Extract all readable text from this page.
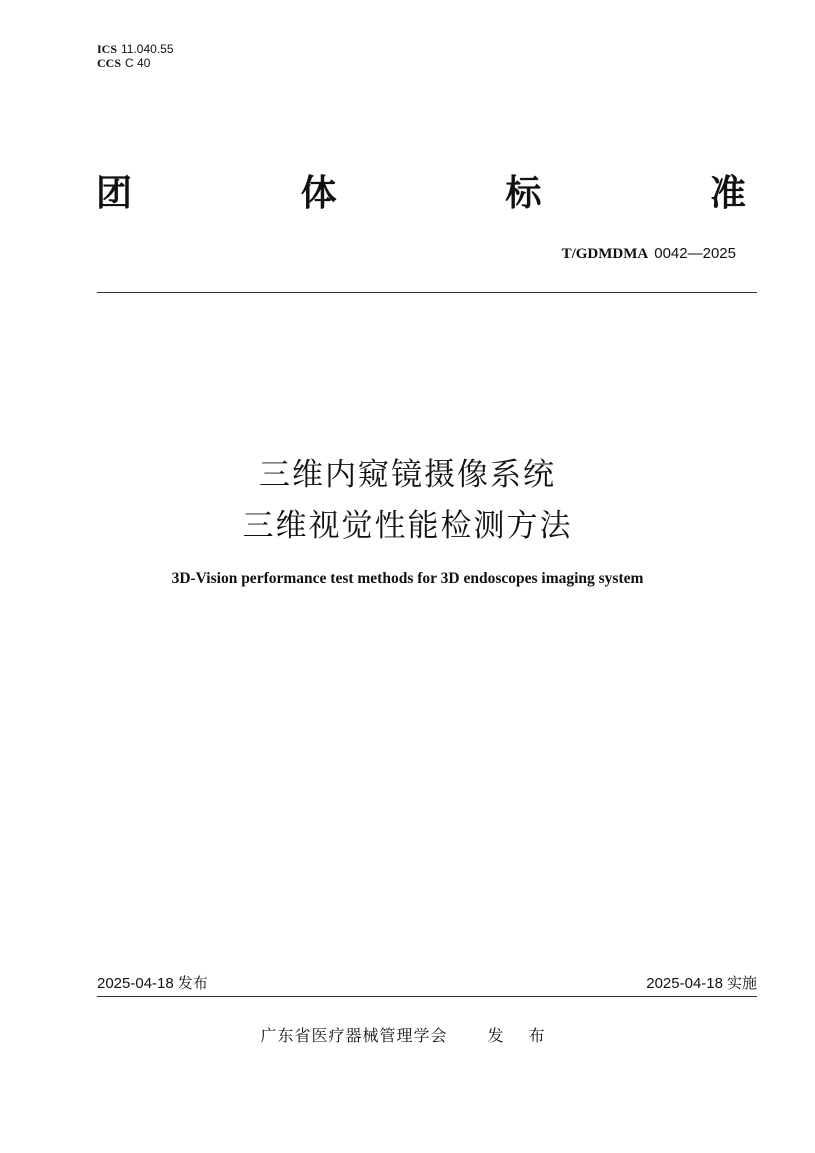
ICS 11.040.55
CCS C 40
团	体	标	准
T/GDMDMA 0042—2025
三维内窥镜摄像系统
三维视觉性能检测方法
3D-Vision performance test methods for 3D endoscopes imaging system
2025-04-18 发布	2025-04-18 实施
广东省医疗器械管理学会	发 布
